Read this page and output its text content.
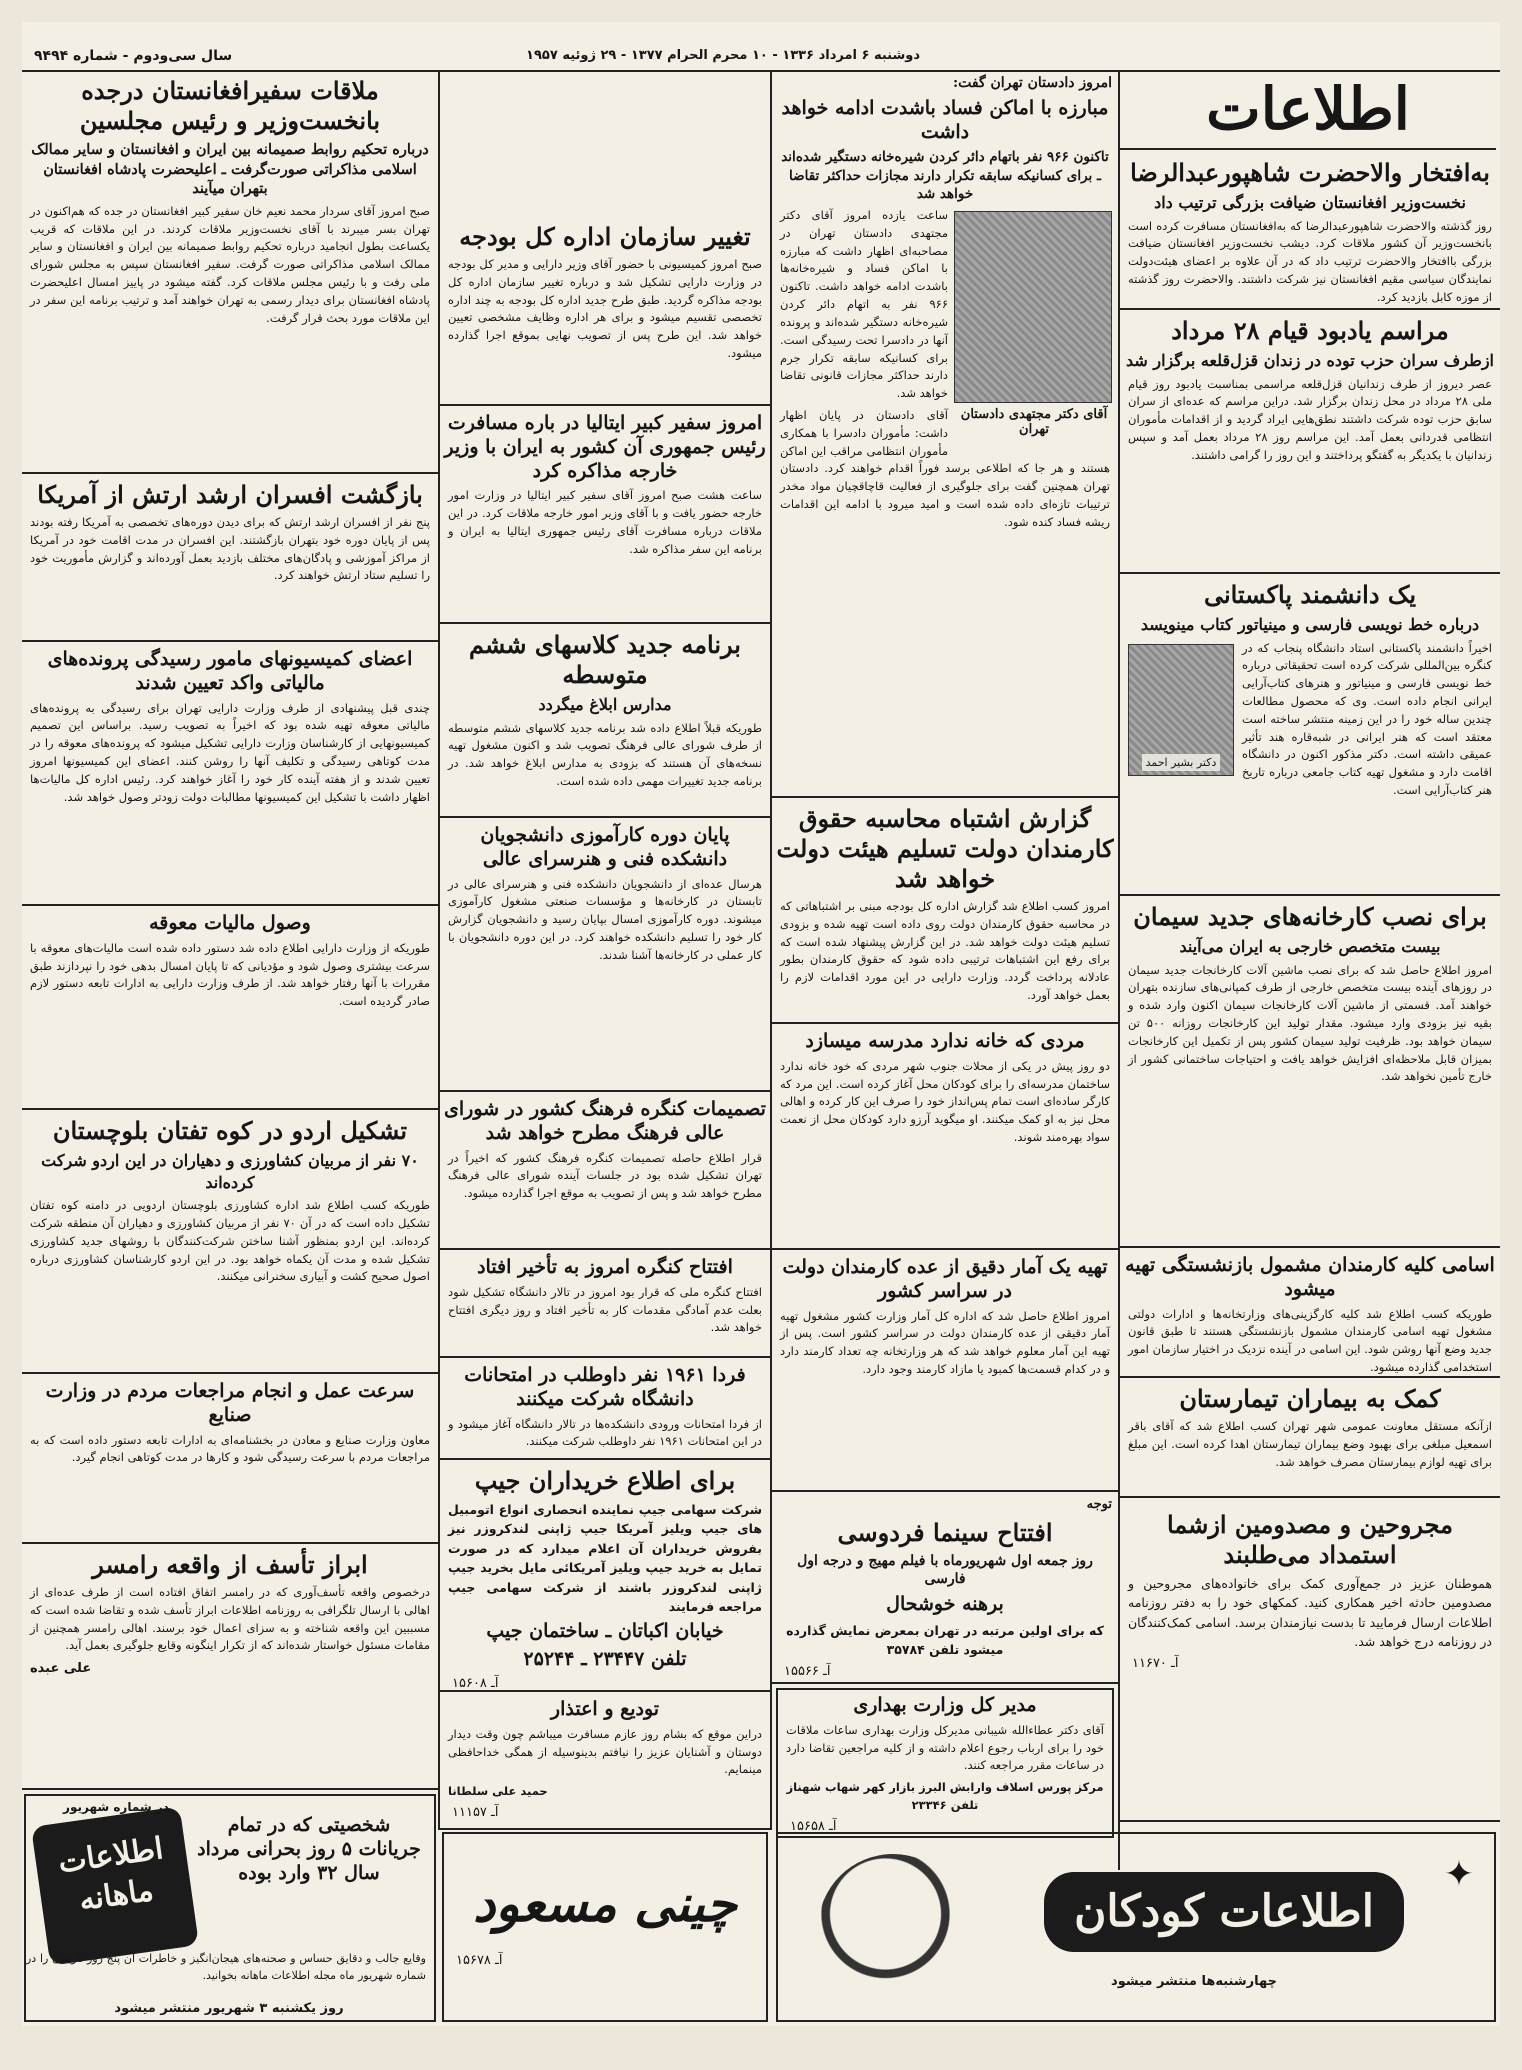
دوشنبه ۶ امرداد ۱۳۳۶ - ۱۰ محرم الحرام ۱۳۷۷ - ۲۹ ژوئیه ۱۹۵۷
سال سی‌ودوم - شماره ۹۴۹۴
اطلاعات
به‌افتخار والاحضرت شاهپورعبدالرضا
نخست‌وزیر افغانستان ضیافت بزرگی ترتیب داد
روز گذشته والاحضرت شاهپورعبدالرضا که به‌افغانستان مسافرت کرده است بانخست‌وزیر آن کشور ملاقات کرد. دیشب نخست‌وزیر افغانستان ضیافت بزرگی باافتخار والاحضرت ترتیب داد که در آن علاوه بر اعضای هیئت‌دولت نمایندگان سیاسی مقیم افغانستان نیز شرکت داشتند. والاحضرت روز گذشته از موزه کابل بازدید کرد.
مراسم یادبود قیام ۲۸ مرداد
ازطرف سران حزب توده در زندان قزل‌قلعه برگزار شد
عصر دیروز از طرف زندانیان قزل‌قلعه مراسمی بمناسبت یادبود روز قیام ملی ۲۸ مرداد در محل زندان برگزار شد. دراین مراسم که عده‌ای از سران سابق حزب توده شرکت داشتند نطق‌هایی ایراد گردید و از اقدامات مأموران انتظامی قدردانی بعمل آمد. این مراسم روز ۲۸ مرداد بعمل آمد و سپس زندانیان با یکدیگر به گفتگو پرداختند و این روز را گرامی داشتند.
یک دانشمند پاکستانی
درباره خط نویسی فارسی و مینیاتور کتاب مینویسد
دکتر بشیر احمد
اخیراً دانشمند پاکستانی استاد دانشگاه پنجاب که در کنگره بین‌المللی شرکت کرده است تحقیقاتی درباره خط نویسی فارسی و مینیاتور و هنرهای کتاب‌آرایی ایرانی انجام داده است. وی که محصول مطالعات چندین ساله خود را در این زمینه منتشر ساخته است معتقد است که هنر ایرانی در شبه‌قاره هند تأثیر عمیقی داشته است. دکتر مذکور اکنون در دانشگاه اقامت دارد و مشغول تهیه کتاب جامعی درباره تاریخ هنر کتاب‌آرایی است.
برای نصب کارخانه‌های جدید سیمان
بیست متخصص خارجی به ایران می‌آیند
امروز اطلاع حاصل شد که برای نصب ماشین آلات کارخانجات جدید سیمان در روزهای آینده بیست متخصص خارجی از طرف کمپانی‌های سازنده بتهران خواهند آمد. قسمتی از ماشین آلات کارخانجات سیمان اکنون وارد شده و بقیه نیز بزودی وارد میشود. مقدار تولید این کارخانجات روزانه ۵۰۰ تن سیمان خواهد بود. ظرفیت تولید سیمان کشور پس از تکمیل این کارخانجات بمیزان قابل ملاحظه‌ای افزایش خواهد یافت و احتیاجات ساختمانی کشور از خارج تأمین نخواهد شد.
اسامی کلیه کارمندان مشمول بازنشستگی تهیه میشود
طوریکه کسب اطلاع شد کلیه کارگزینی‌های وزارتخانه‌ها و ادارات دولتی مشغول تهیه اسامی کارمندان مشمول بازنشستگی هستند تا طبق قانون جدید وضع آنها روشن شود. این اسامی در آینده نزدیک در اختیار سازمان امور استخدامی گذارده میشود.
کمک به بیماران تیمارستان
ازآنکه مستقل معاونت عمومی شهر تهران کسب اطلاع شد که آقای باقر اسمعیل مبلغی برای بهبود وضع بیماران تیمارستان اهدا کرده است. این مبلغ برای تهیه لوازم بیمارستان مصرف خواهد شد.
مجروحین و مصدومین ازشما استمداد می‌طلبند
هموطنان عزیز در جمع‌آوری کمک برای خانواده‌های مجروحین و مصدومین حادثه اخیر همکاری کنید. کمکهای خود را به دفتر روزنامه اطلاعات ارسال فرمایید تا بدست نیازمندان برسد. اسامی کمک‌کنندگان در روزنامه درج خواهد شد.
آـ ۱۱۶۷۰
امروز دادستان تهران گفت:
مبارزه با اماکن فساد باشدت ادامه خواهد داشت
تاکنون ۹۶۶ نفر باتهام دائر کردن شیره‌خانه دستگیر شده‌اند ـ برای کسانیکه سابقه تکرار دارند مجازات حداکثر تقاضا خواهد شد
آقای دکتر مجتهدی دادستان تهران
ساعت یازده امروز آقای دکتر مجتهدی دادستان تهران در مصاحبه‌ای اظهار داشت که مبارزه با اماکن فساد و شیره‌خانه‌ها باشدت ادامه خواهد داشت. تاکنون ۹۶۶ نفر به اتهام دائر کردن شیره‌خانه دستگیر شده‌اند و پرونده آنها در دادسرا تحت رسیدگی است. برای کسانیکه سابقه تکرار جرم دارند حداکثر مجازات قانونی تقاضا خواهد شد.
آقای دادستان در پایان اظهار داشت: مأموران دادسرا با همکاری مأموران انتظامی مراقب این اماکن هستند و هر جا که اطلاعی برسد فوراً اقدام خواهند کرد. دادستان تهران همچنین گفت برای جلوگیری از فعالیت قاچاقچیان مواد مخدر ترتیبات تازه‌ای داده شده است و امید میرود با ادامه این اقدامات ریشه فساد کنده شود.
گزارش اشتباه محاسبه حقوق کارمندان دولت تسلیم هیئت دولت خواهد شد
امروز کسب اطلاع شد گزارش اداره کل بودجه مبنی بر اشتباهاتی که در محاسبه حقوق کارمندان دولت روی داده است تهیه شده و بزودی تسلیم هیئت دولت خواهد شد. در این گزارش پیشنهاد شده است که برای رفع این اشتباهات ترتیبی داده شود که حقوق کارمندان بطور عادلانه پرداخت گردد. وزارت دارایی در این مورد اقدامات لازم را بعمل خواهد آورد.
مردی که خانه ندارد مدرسه میسازد
دو روز پیش در یکی از محلات جنوب شهر مردی که خود خانه ندارد ساختمان مدرسه‌ای را برای کودکان محل آغاز کرده است. این مرد که کارگر ساده‌ای است تمام پس‌انداز خود را صرف این کار کرده و اهالی محل نیز به او کمک میکنند. او میگوید آرزو دارد کودکان محل از نعمت سواد بهره‌مند شوند.
تهیه یک آمار دقیق از عده کارمندان دولت در سراسر کشور
امروز اطلاع حاصل شد که اداره کل آمار وزارت کشور مشغول تهیه آمار دقیقی از عده کارمندان دولت در سراسر کشور است. پس از تهیه این آمار معلوم خواهد شد که هر وزارتخانه چه تعداد کارمند دارد و در کدام قسمت‌ها کمبود یا مازاد کارمند وجود دارد.
توجه
افتتاح سینما فردوسی
روز جمعه اول شهریورماه با فیلم مهیج و درجه اول فارسی
برهنه خوشحال
که برای اولین مرتبه در تهران بمعرض نمایش گذارده میشود تلفن ۳۵۷۸۴
آـ ۱۵۵۶۶
مدیر کل وزارت بهداری
آقای دکتر عطاءالله شیبانی مدیرکل وزارت بهداری ساعات ملاقات خود را برای ارباب رجوع اعلام داشته و از کلیه مراجعین تقاضا دارد در ساعات مقرر مراجعه کنند.
مرکز پورس اسلاف وارابش البرز بازار کهر شهاب شهناز تلفن ۲۳۳۴۶
آـ ۱۵۶۵۸
اطلاعات کودکان
چهارشنبه‌ها منتشر میشود
✦
تغییر سازمان اداره کل بودجه
صبح امروز کمیسیونی با حضور آقای وزیر دارایی و مدیر کل بودجه در وزارت دارایی تشکیل شد و درباره تغییر سازمان اداره کل بودجه مذاکره گردید. طبق طرح جدید اداره کل بودجه به چند اداره تخصصی تقسیم میشود و برای هر اداره وظایف مشخصی تعیین خواهد شد. این طرح پس از تصویب نهایی بموقع اجرا گذارده میشود.
امروز سفیر کبیر ایتالیا در باره مسافرت رئیس جمهوری آن کشور به ایران با وزیر خارجه مذاکره کرد
ساعت هشت صبح امروز آقای سفیر کبیر ایتالیا در وزارت امور خارجه حضور یافت و با آقای وزیر امور خارجه ملاقات کرد. در این ملاقات درباره مسافرت آقای رئیس جمهوری ایتالیا به ایران و برنامه این سفر مذاکره شد.
برنامه جدید کلاسهای ششم متوسطه
مدارس ابلاغ میگردد
طوریکه قبلاً اطلاع داده شد برنامه جدید کلاسهای ششم متوسطه از طرف شورای عالی فرهنگ تصویب شد و اکنون مشغول تهیه نسخه‌های آن هستند که بزودی به مدارس ابلاغ خواهد شد. در برنامه جدید تغییرات مهمی داده شده است.
پایان دوره کارآموزی دانشجویان دانشکده فنی و هنرسرای عالی
هرسال عده‌ای از دانشجویان دانشکده فنی و هنرسرای عالی در تابستان در کارخانه‌ها و مؤسسات صنعتی مشغول کارآموزی میشوند. دوره کارآموزی امسال بپایان رسید و دانشجویان گزارش کار خود را تسلیم دانشکده خواهند کرد. در این دوره دانشجویان با کار عملی در کارخانه‌ها آشنا شدند.
تصمیمات کنگره فرهنگ کشور در شورای عالی فرهنگ مطرح خواهد شد
قرار اطلاع حاصله تصمیمات کنگره فرهنگ کشور که اخیراً در تهران تشکیل شده بود در جلسات آینده شورای عالی فرهنگ مطرح خواهد شد و پس از تصویب به موقع اجرا گذارده میشود.
افتتاح کنگره امروز به تأخیر افتاد
افتتاح کنگره ملی که قرار بود امروز در تالار دانشگاه تشکیل شود بعلت عدم آمادگی مقدمات کار به تأخیر افتاد و روز دیگری افتتاح خواهد شد.
فردا ۱۹۶۱ نفر داوطلب در امتحانات دانشگاه شرکت میکنند
از فردا امتحانات ورودی دانشکده‌ها در تالار دانشگاه آغاز میشود و در این امتحانات ۱۹۶۱ نفر داوطلب شرکت میکنند.
برای اطلاع خریداران جیپ
شرکت سهامی جیپ نماینده انحصاری انواع اتومبیل های جیپ ویلیز آمریکا جیپ ژاپنی لندکروزر نیز بفروش خریداران آن اعلام میدارد که در صورت تمایل به خرید جیپ ویلیز آمریکائی مایل بخرید جیپ ژاپنی لندکروزر باشند از شرکت سهامی جیپ مراجعه فرمایند
خیابان اکباتان ـ ساختمان جیپ
تلفن ۲۳۴۴۷ ـ ۲۵۲۴۴
آـ ۱۵۶۰۸
تودیع و اعتذار
دراین موقع که بشام روز عازم مسافرت میباشم چون وقت دیدار دوستان و آشنایان عزیز را نیافتم بدینوسیله از همگی خداحافظی مینمایم.
حمید علی سلطانا
آـ ۱۱۱۵۷
چینی مسعود
آـ ۱۵۶۷۸
ملاقات سفیرافغانستان درجده بانخست‌وزیر و رئیس مجلسین
درباره تحکیم روابط صمیمانه بین ایران و افغانستان و سایر ممالک اسلامی مذاکراتی صورت‌گرفت ـ اعلیحضرت پادشاه افغانستان بتهران میآیند
صبح امروز آقای سردار محمد نعیم خان سفیر کبیر افغانستان در جده که هم‌اکنون در تهران بسر میبرند با آقای نخست‌وزیر ملاقات کردند. در این ملاقات که قریب یکساعت بطول انجامید درباره تحکیم روابط صمیمانه بین ایران و افغانستان و سایر ممالک اسلامی مذاکراتی صورت گرفت. سفیر افغانستان سپس به مجلس شورای ملی رفت و با رئیس مجلس ملاقات کرد. گفته میشود در پاییز امسال اعلیحضرت پادشاه افغانستان برای دیدار رسمی به تهران خواهند آمد و ترتیب برنامه این سفر در این ملاقات مورد بحث قرار گرفت.
بازگشت افسران ارشد ارتش از آمریکا
پنج نفر از افسران ارشد ارتش که برای دیدن دوره‌های تخصصی به آمریکا رفته بودند پس از پایان دوره خود بتهران بازگشتند. این افسران در مدت اقامت خود در آمریکا از مراکز آموزشی و پادگان‌های مختلف بازدید بعمل آورده‌اند و گزارش مأموریت خود را تسلیم ستاد ارتش خواهند کرد.
اعضای کمیسیونهای مامور رسیدگی پرونده‌های مالیاتی واکد تعیین شدند
چندی قبل پیشنهادی از طرف وزارت دارایی تهران برای رسیدگی به پرونده‌های مالیاتی معوقه تهیه شده بود که اخیراً به تصویب رسید. براساس این تصمیم کمیسیونهایی از کارشناسان وزارت دارایی تشکیل میشود که پرونده‌های معوقه را در مدت کوتاهی رسیدگی و تکلیف آنها را روشن کنند. اعضای این کمیسیونها امروز تعیین شدند و از هفته آینده کار خود را آغاز خواهند کرد. رئیس اداره کل مالیات‌ها اظهار داشت با تشکیل این کمیسیونها مطالبات دولت زودتر وصول خواهد شد.
وصول مالیات معوقه
طوریکه از وزارت دارایی اطلاع داده شد دستور داده شده است مالیات‌های معوقه با سرعت بیشتری وصول شود و مؤدیانی که تا پایان امسال بدهی خود را نپردازند طبق مقررات با آنها رفتار خواهد شد. از طرف وزارت دارایی به ادارات تابعه دستور لازم صادر گردیده است.
تشکیل اردو در کوه تفتان بلوچستان
۷۰ نفر از مربیان کشاورزی و دهیاران در این اردو شرکت کرده‌اند
طوریکه کسب اطلاع شد اداره کشاورزی بلوچستان اردویی در دامنه کوه تفتان تشکیل داده است که در آن ۷۰ نفر از مربیان کشاورزی و دهیاران آن منطقه شرکت کرده‌اند. این اردو بمنظور آشنا ساختن شرکت‌کنندگان با روشهای جدید کشاورزی تشکیل شده و مدت آن یکماه خواهد بود. در این اردو کارشناسان کشاورزی درباره اصول صحیح کشت و آبیاری سخنرانی میکنند.
سرعت عمل و انجام مراجعات مردم در وزارت صنایع
معاون وزارت صنایع و معادن در بخشنامه‌ای به ادارات تابعه دستور داده است که به مراجعات مردم با سرعت رسیدگی شود و کارها در مدت کوتاهی انجام گیرد.
ابراز تأسف از واقعه رامسر
درخصوص واقعه تأسف‌آوری که در رامسر اتفاق افتاده است از طرف عده‌ای از اهالی با ارسال تلگرافی به روزنامه اطلاعات ابراز تأسف شده و تقاضا شده است که مسببین این واقعه شناخته و به سزای اعمال خود برسند. اهالی رامسر همچنین از مقامات مسئول خواستار شده‌اند که از تکرار اینگونه وقایع جلوگیری بعمل آید.
علی عبده
اطلاعات ماهانه
در شماره شهریور
شخصیتی که در تمام جریانات ۵ روز بحرانی مرداد سال ۳۲ وارد بوده
وقایع جالب و دقایق حساس و صحنه‌های هیجان‌انگیز و خاطرات آن پنج روز تاریخی را در شماره شهریور ماه مجله اطلاعات ماهانه بخوانید.
روز یکشنبه ۳ شهریور منتشر میشود
